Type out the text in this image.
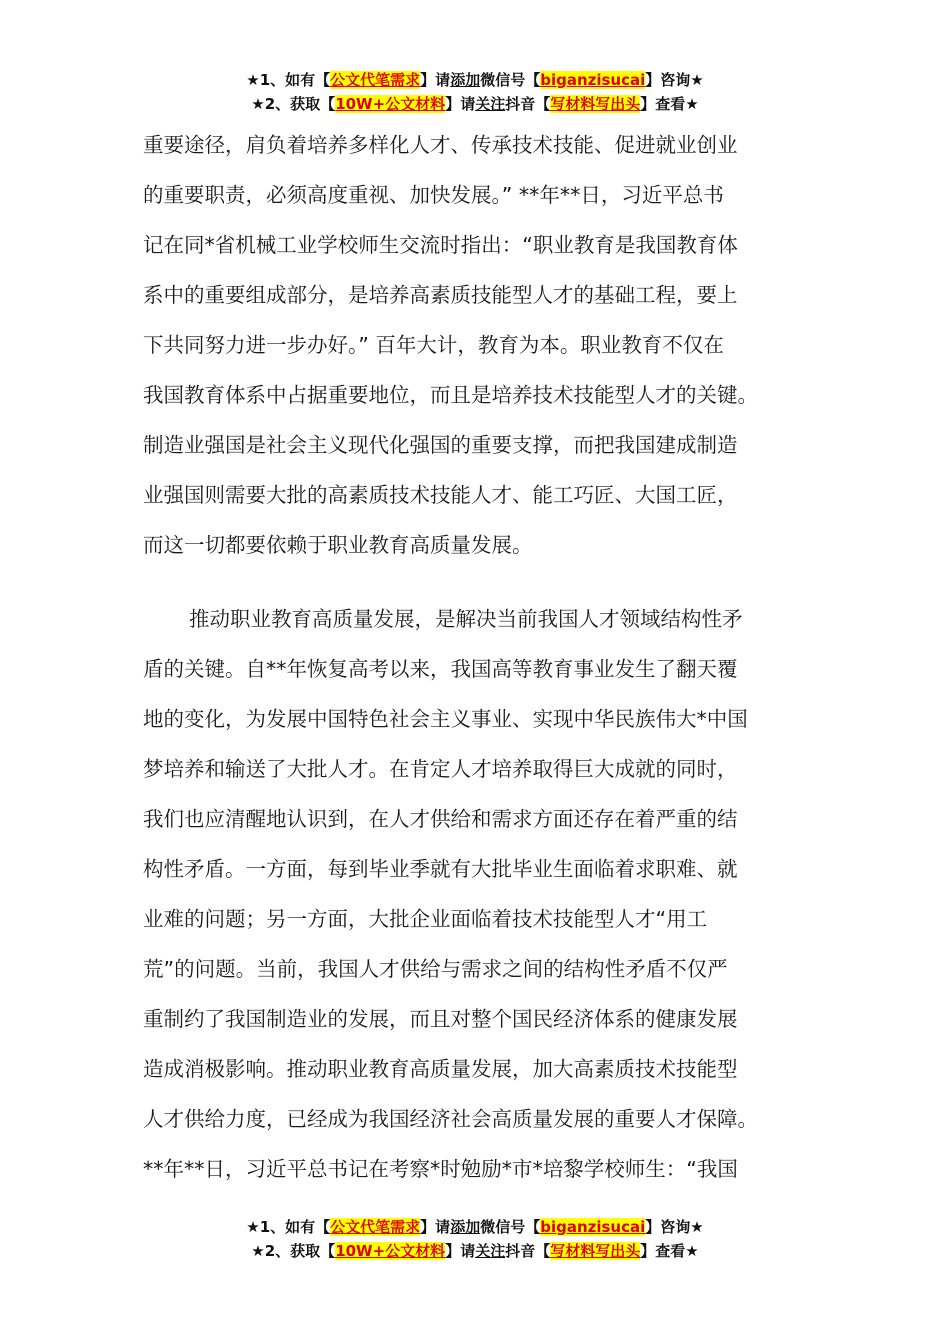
★1、如有【公文代笔需求】请添加微信号【biganzisucai】咨询★
★2、获取【10W+公文材料】请关注抖音【写材料写出头】查看★
重要途径，肩负着培养多样化人才、传承技术技能、促进就业创业
的重要职责，必须高度重视、加快发展。” **年**日，习近平总书
记在同*省机械工业学校师生交流时指出：“职业教育是我国教育体
系中的重要组成部分，是培养高素质技能型人才的基础工程，要上
下共同努力进一步办好。” 百年大计，教育为本。职业教育不仅在
我国教育体系中占据重要地位，而且是培养技术技能型人才的关键。
制造业强国是社会主义现代化强国的重要支撑，而把我国建成制造
业强国则需要大批的高素质技术技能人才、能工巧匠、大国工匠，
而这一切都要依赖于职业教育高质量发展。
推动职业教育高质量发展，是解决当前我国人才领域结构性矛
盾的关键。自**年恢复高考以来，我国高等教育事业发生了翻天覆
地的变化，为发展中国特色社会主义事业、实现中华民族伟大*中国
梦培养和输送了大批人才。在肯定人才培养取得巨大成就的同时，
我们也应清醒地认识到，在人才供给和需求方面还存在着严重的结
构性矛盾。一方面，每到毕业季就有大批毕业生面临着求职难、就
业难的问题；另一方面，大批企业面临着技术技能型人才“用工
荒”的问题。当前，我国人才供给与需求之间的结构性矛盾不仅严
重制约了我国制造业的发展，而且对整个国民经济体系的健康发展
造成消极影响。推动职业教育高质量发展，加大高素质技术技能型
人才供给力度，已经成为我国经济社会高质量发展的重要人才保障。
**年**日，习近平总书记在考察*时勉励*市*培黎学校师生：“我国
★1、如有【公文代笔需求】请添加微信号【biganzisucai】咨询★
★2、获取【10W+公文材料】请关注抖音【写材料写出头】查看★
